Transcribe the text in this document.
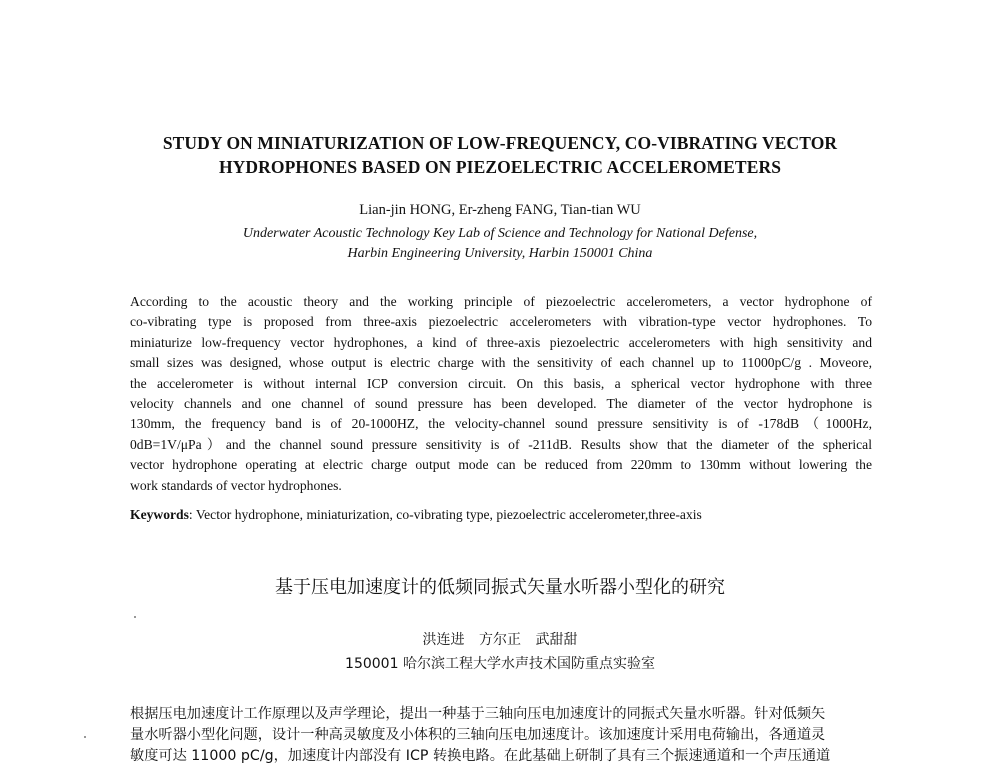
STUDY ON MINIATURIZATION OF LOW-FREQUENCY, CO-VIBRATING VECTOR
HYDROPHONES BASED ON PIEZOELECTRIC ACCELEROMETERS
Lian-jin HONG, Er-zheng FANG, Tian-tian WU
Underwater Acoustic Technology Key Lab of Science and Technology for National Defense,
Harbin Engineering University, Harbin 150001 China
According to the acoustic theory and the working principle of piezoelectric accelerometers, a vector hydrophone of
co-vibrating type is proposed from three-axis piezoelectric accelerometers with vibration-type vector hydrophones. To
miniaturize low-frequency vector hydrophones, a kind of three-axis piezoelectric accelerometers with high sensitivity and
small sizes was designed, whose output is electric charge with the sensitivity of each channel up to 11000pC/g . Moveore,
the accelerometer is without internal ICP conversion circuit. On this basis, a spherical vector hydrophone with three
velocity channels and one channel of sound pressure has been developed. The diameter of the vector hydrophone is
130mm, the frequency band is of 20-1000HZ, the velocity-channel sound pressure sensitivity is of -178dB（1000Hz,
0dB=1V/μPa）and the channel sound pressure sensitivity is of -211dB. Results show that the diameter of the spherical
vector hydrophone operating at electric charge output mode can be reduced from 220mm to 130mm without lowering the
work standards of vector hydrophones.
Keywords: Vector hydrophone, miniaturization, co-vibrating type, piezoelectric accelerometer,three-axis
基于压电加速度计的低频同振式矢量水听器小型化的研究
洪连进 方尔正 武甜甜
150001 哈尔滨工程大学水声技术国防重点实验室
根据压电加速度计工作原理以及声学理论，提出一种基于三轴向压电加速度计的同振式矢量水听器。针对低频矢
量水听器小型化问题，设计一种高灵敏度及小体积的三轴向压电加速度计。该加速度计采用电荷输出，各通道灵
敏度可达 11000 pC/g，加速度计内部没有 ICP 转换电路。在此基础上研制了具有三个振速通道和一个声压通道
